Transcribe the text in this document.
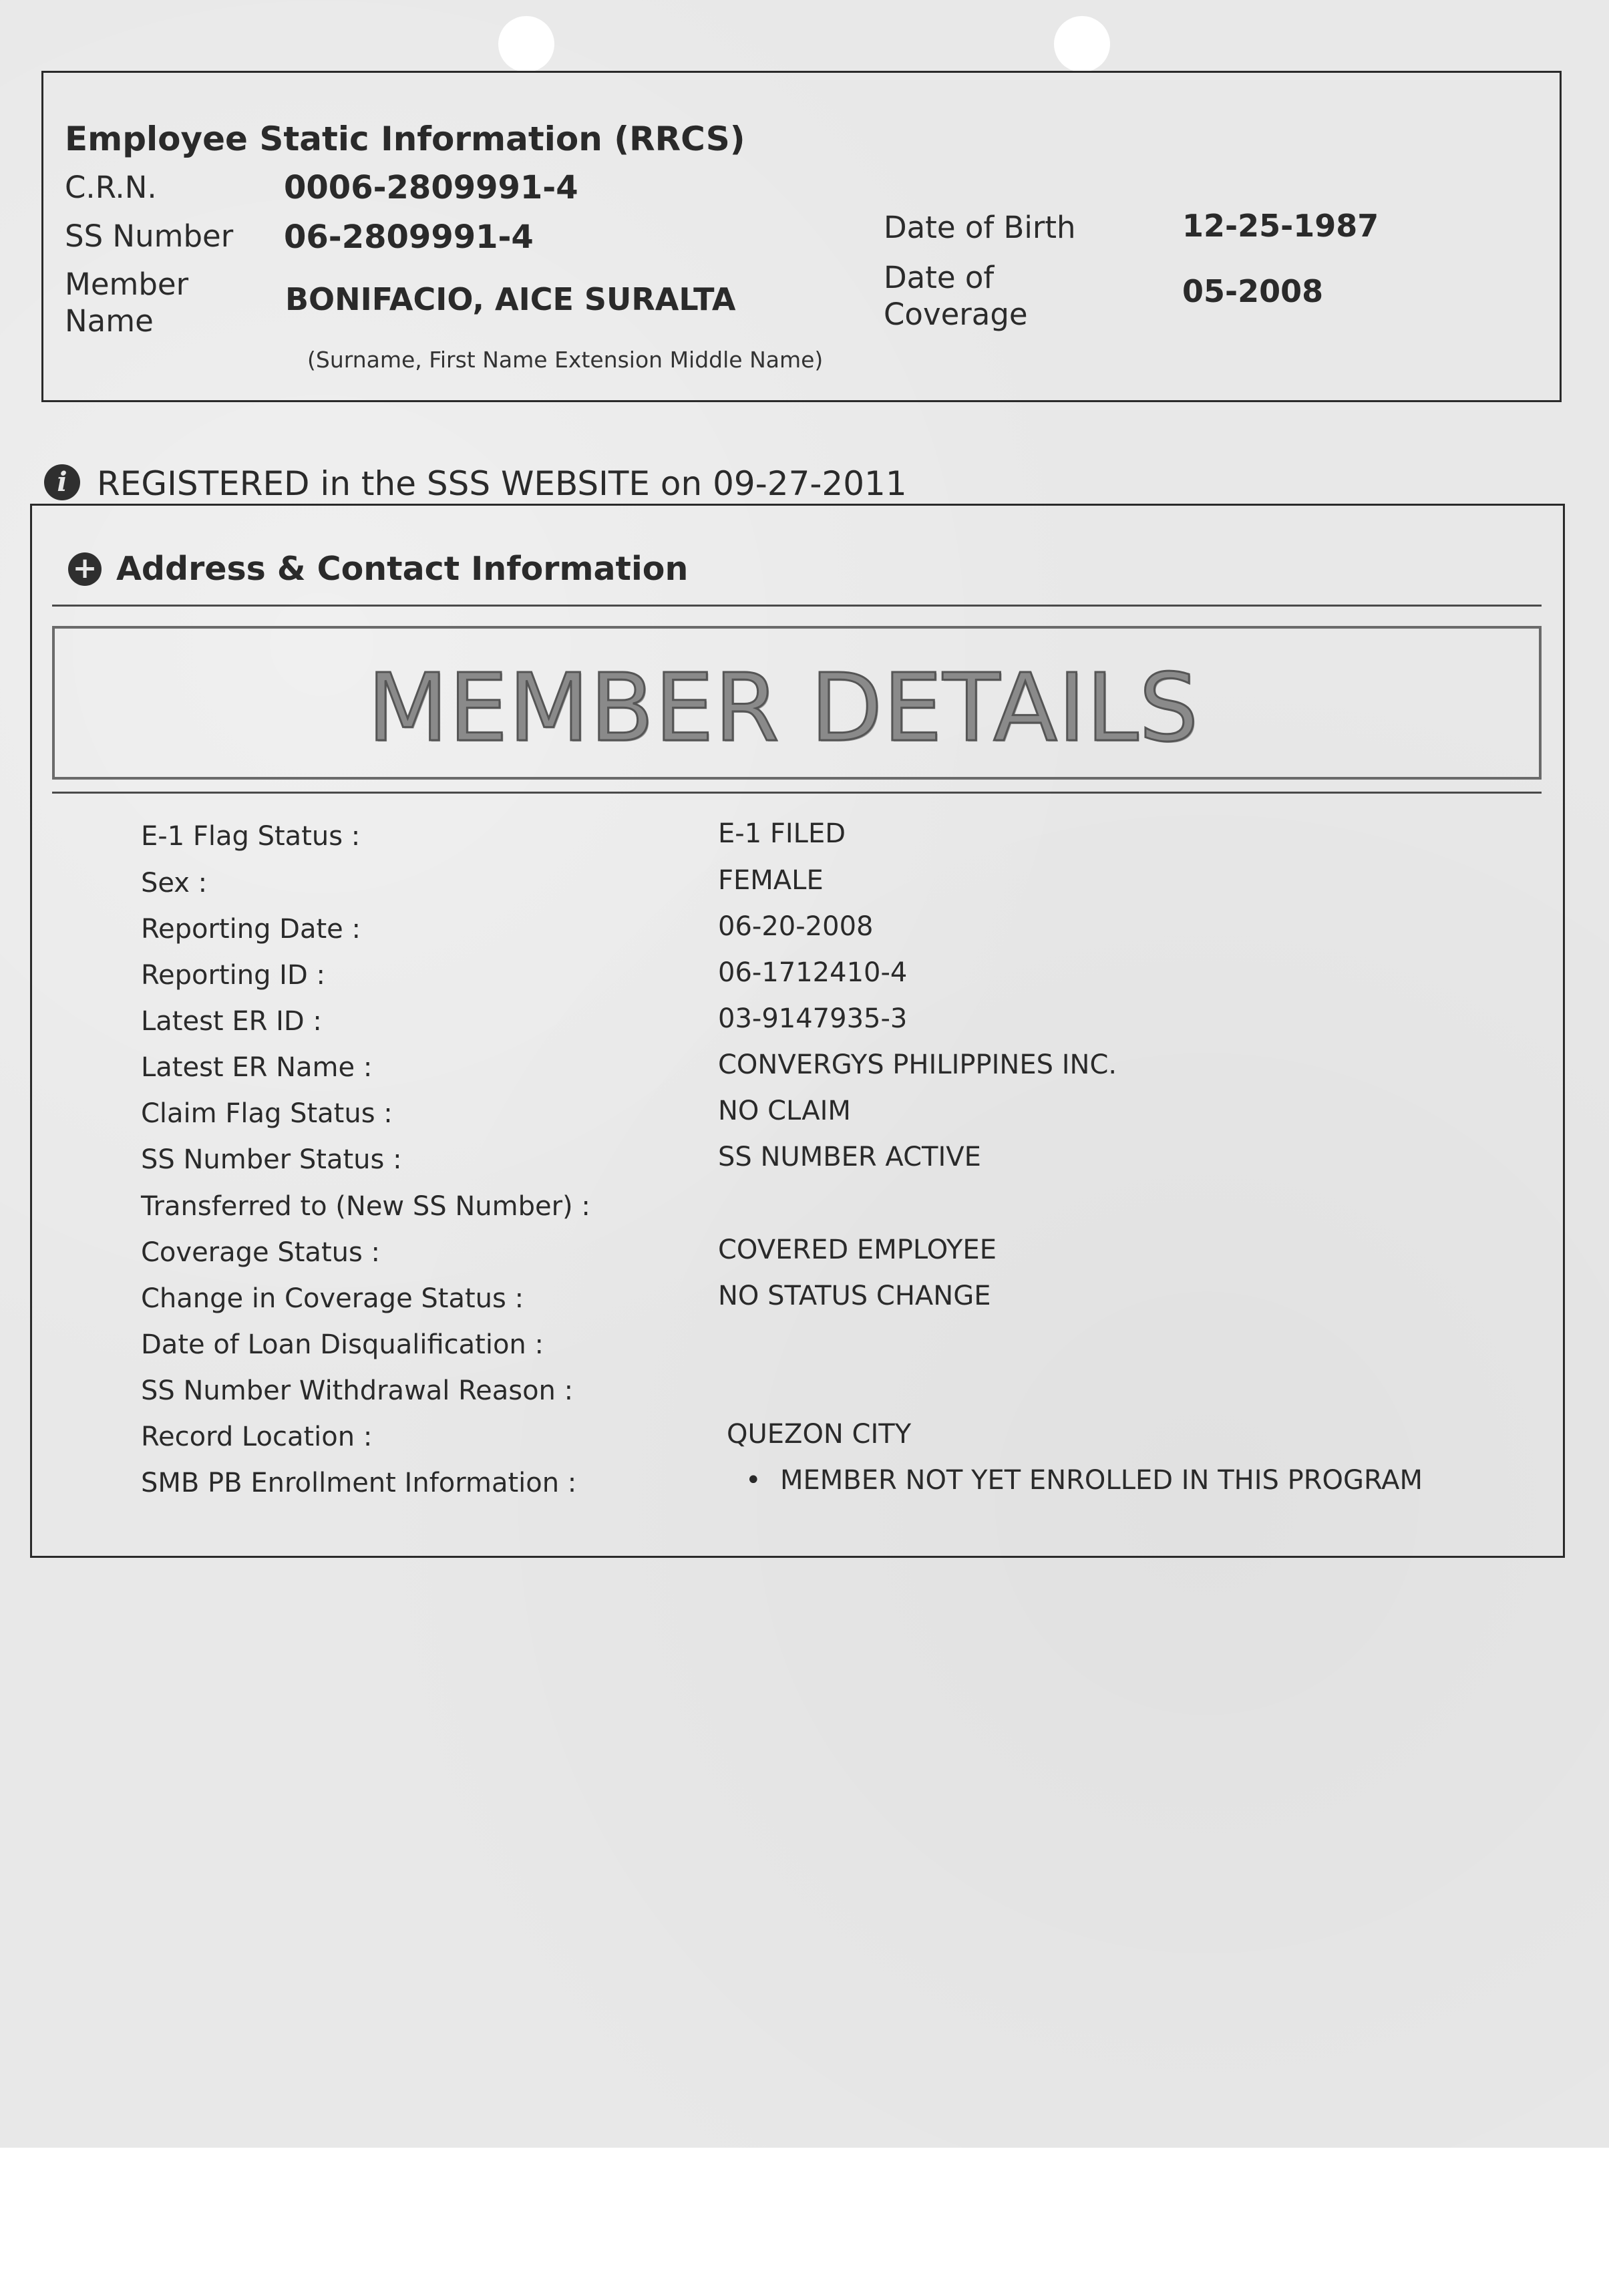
Employee Static Information (RRCS)
C.R.N.	0006-2809991-4
SS Number 06-2809991-4
Member
Name
BONIFACIO, AICE SURALTA
(Surname, First Name Extension Middle Name)
Date of Birth	12-25-1987
Date of
Coverage
05-2008
i REGISTERED in the SSS WEBSITE on 09-27-2011
+ Address & Contact Information
MEMBER DETAILS
E-1 Flag Status :	E-1 FILED
Sex :	FEMALE
Reporting Date :	06-20-2008
Reporting ID :	06-1712410-4
Latest ER ID :	03-9147935-3
Latest ER Name :	CONVERGYS PHILIPPINES INC.
Claim Flag Status :	NO CLAIM
SS Number Status :	SS NUMBER ACTIVE
Transferred to (New SS Number) :
Coverage Status :	COVERED EMPLOYEE
Change in Coverage Status :	NO STATUS CHANGE
Date of Loan Disqualification :
SS Number Withdrawal Reason :
Record Location :	QUEZON CITY
SMB PB Enrollment Information :	• MEMBER NOT YET ENROLLED IN THIS PROGRAM
